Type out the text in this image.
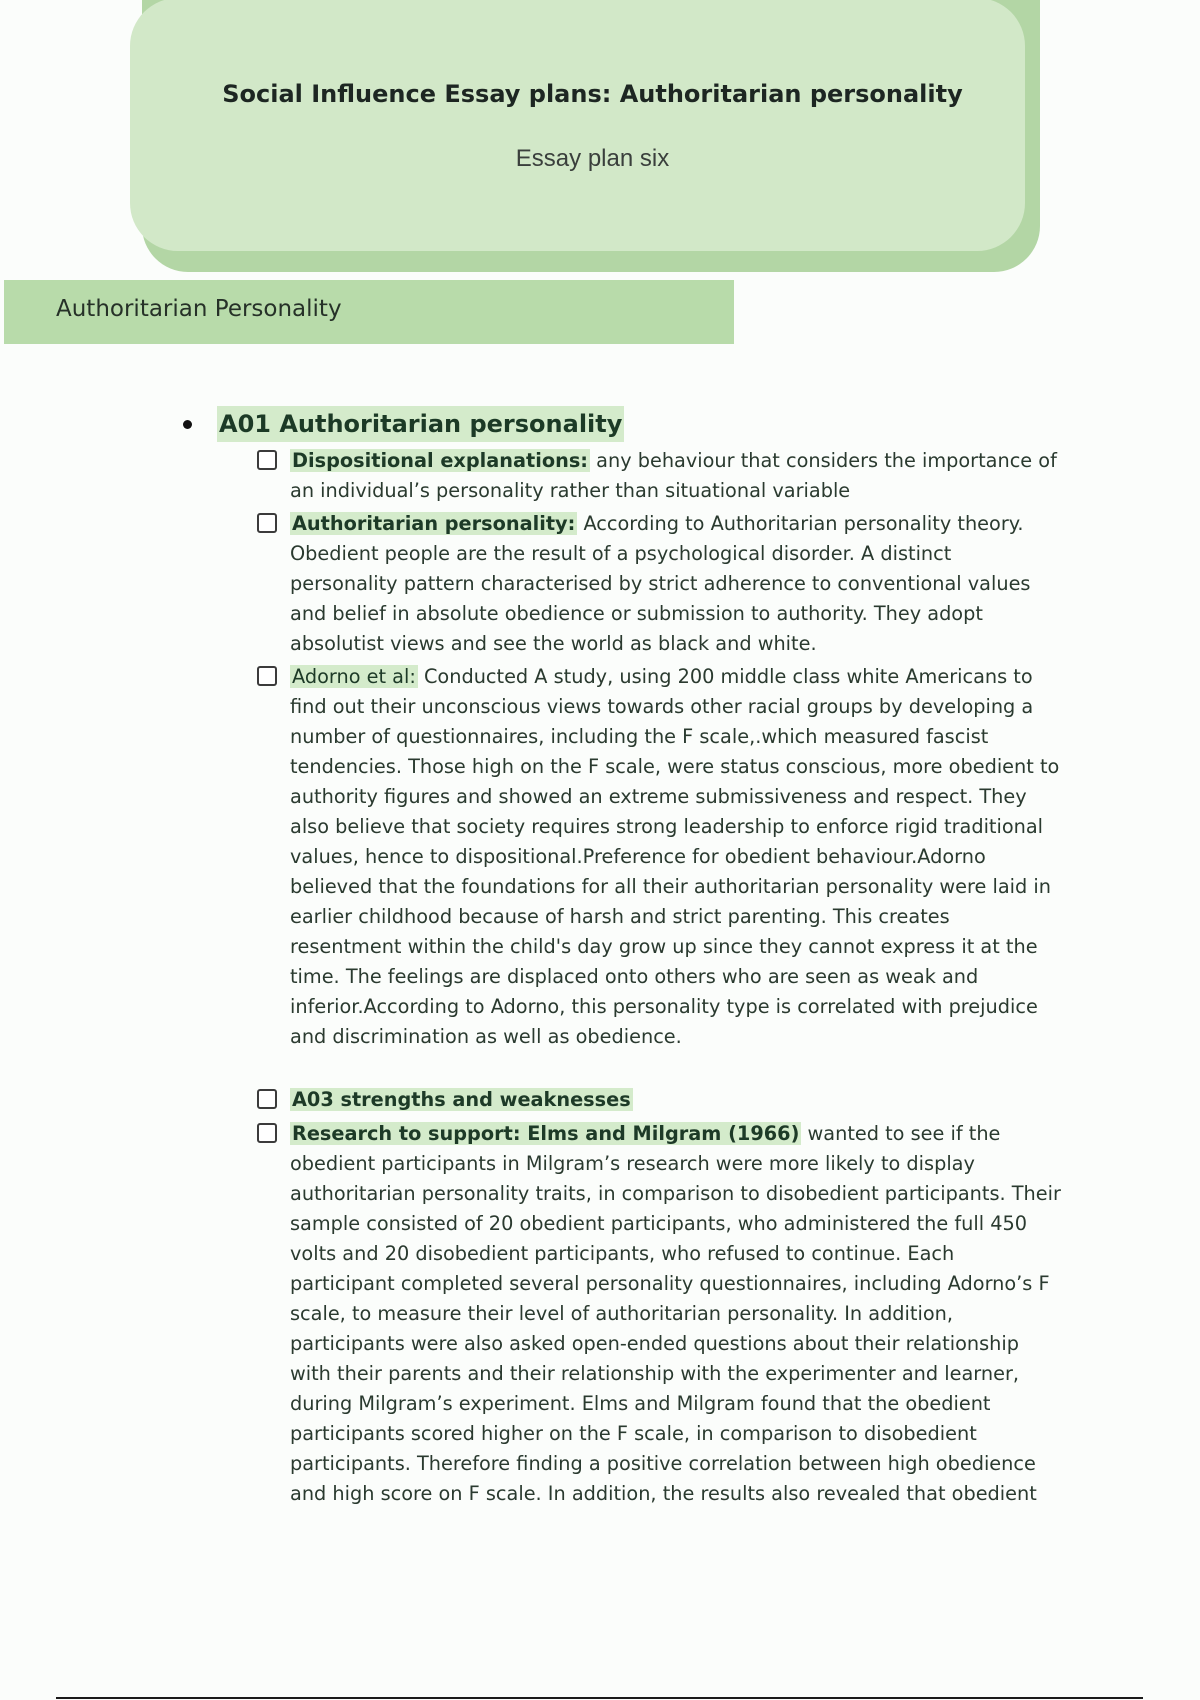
Social Influence Essay plans: Authoritarian personality
Essay plan six
Authoritarian Personality
A01 Authoritarian personality
Dispositional explanations: any behaviour that considers the importance of an individual’s personality rather than situational variable
Authoritarian personality: According to Authoritarian personality theory. Obedient people are the result of a psychological disorder. A distinct personality pattern characterised by strict adherence to conventional values and belief in absolute obedience or submission to authority. They adopt absolutist views and see the world as black and white.
Adorno et al: Conducted A study, using 200 middle class white Americans to find out their unconscious views towards other racial groups by developing a number of questionnaires, including the F scale,.which measured fascist tendencies. Those high on the F scale, were status conscious, more obedient to authority figures and showed an extreme submissiveness and respect. They also believe that society requires strong leadership to enforce rigid traditional values, hence to dispositional.Preference for obedient behaviour.Adorno believed that the foundations for all their authoritarian personality were laid in earlier childhood because of harsh and strict parenting. This creates resentment within the child's day grow up since they cannot express it at the time. The feelings are displaced onto others who are seen as weak and inferior.According to Adorno, this personality type is correlated with prejudice and discrimination as well as obedience.
A03 strengths and weaknesses
Research to support: Elms and Milgram (1966) wanted to see if the obedient participants in Milgram’s research were more likely to display authoritarian personality traits, in comparison to disobedient participants. Their sample consisted of 20 obedient participants, who administered the full 450 volts and 20 disobedient participants, who refused to continue. Each participant completed several personality questionnaires, including Adorno’s F scale, to measure their level of authoritarian personality. In addition, participants were also asked open-ended questions about their relationship with their parents and their relationship with the experimenter and learner, during Milgram’s experiment. Elms and Milgram found that the obedient participants scored higher on the F scale, in comparison to disobedient participants. Therefore finding a positive correlation between high obedience and high score on F scale. In addition, the results also revealed that obedient
